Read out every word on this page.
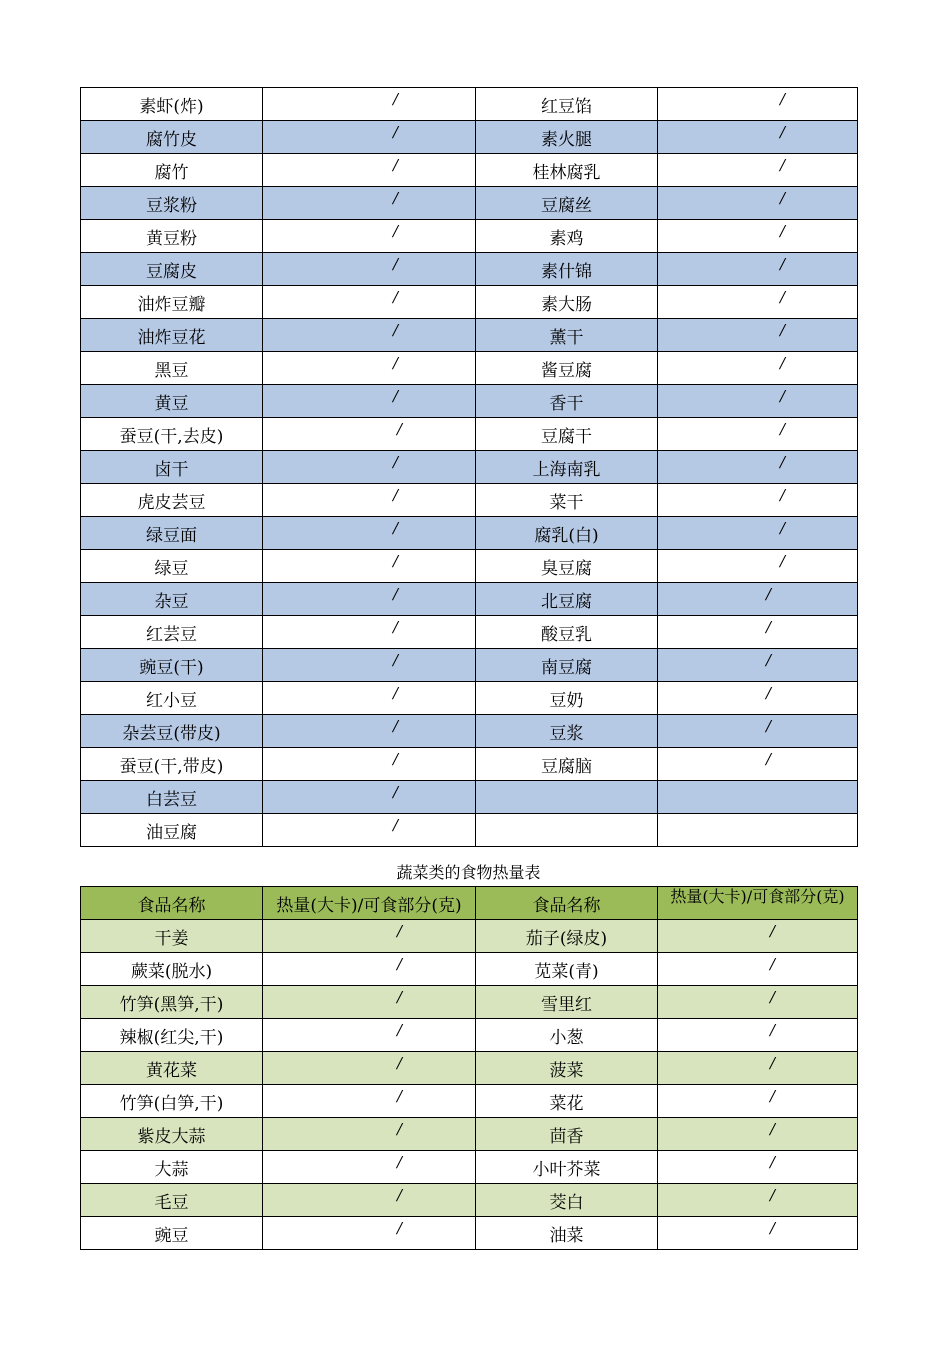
素虾(炸)	/	红豆馅	/

腐竹皮	/	素火腿	/

腐竹	/	桂林腐乳	/

豆浆粉	/	豆腐丝	/

黄豆粉	/	素鸡	/

豆腐皮	/	素什锦	/

油炸豆瓣	/	素大肠	/

油炸豆花	/	薰干	/

黑豆	/	酱豆腐	/

黄豆	/	香干	/

蚕豆(干,去皮)	/	豆腐干	/

卤干	/	上海南乳	/

虎皮芸豆	/	菜干	/

绿豆面	/	腐乳(白)	/

绿豆	/	臭豆腐	/

杂豆	/	北豆腐	/

红芸豆	/	酸豆乳	/

豌豆(干)	/	南豆腐	/

红小豆	/	豆奶	/

杂芸豆(带皮)	/	豆浆	/

蚕豆(干,带皮)	/	豆腐脑	/

白芸豆	/		

油豆腐	/		

蔬菜类的食物热量表
食品名称	热量(大卡)/可食部分(克)	食品名称	热量(大卡)/可食部分(克)

干姜	/	茄子(绿皮)	/

蕨菜(脱水)	/	苋菜(青)	/

竹笋(黑笋,干)	/	雪里红	/

辣椒(红尖,干)	/	小葱	/

黄花菜	/	菠菜	/

竹笋(白笋,干)	/	菜花	/

紫皮大蒜	/	茴香	/

大蒜	/	小叶芥菜	/

毛豆	/	茭白	/

豌豆	/	油菜	/
